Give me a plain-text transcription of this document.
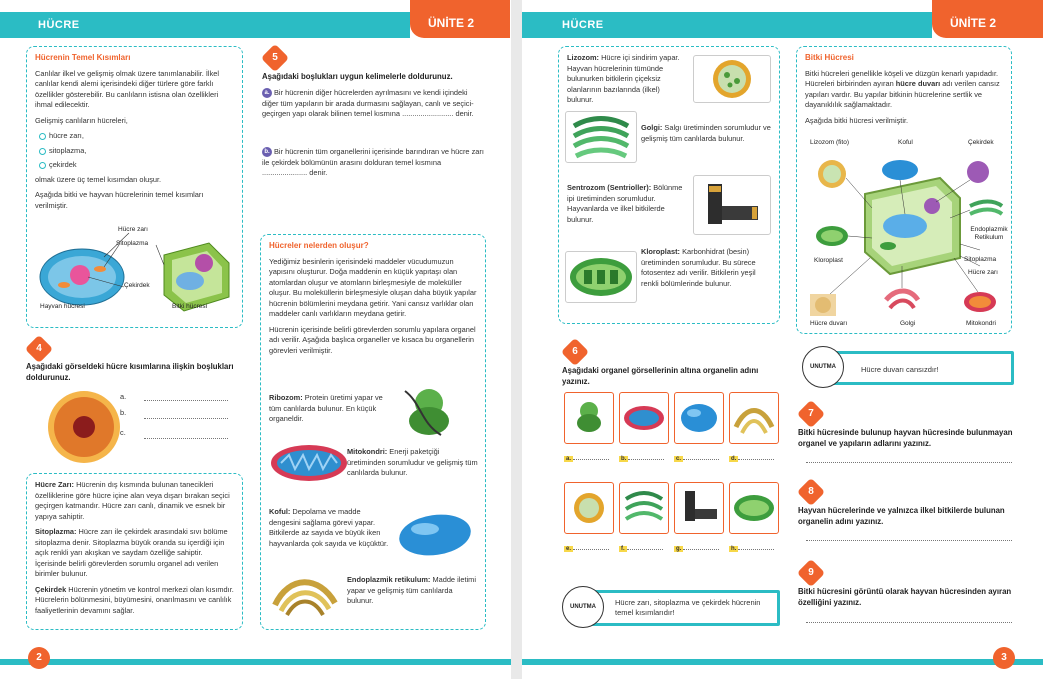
HÜCRE	ÜNİTE 2
Hücrenin Temel Kısımları

Canlılar ilkel ve gelişmiş olmak üzere tanımlanabilir. İlkel canlılar kendi alemi içerisindeki diğer türlere göre farklı özellikler gösterebilir. Bu canlıların istisna olan özellikleri ihmal edilecektir.

Gelişmiş canlıların hücreleri,

hücre zarı,
sitoplazma,
çekirdek

olmak üzere üç temel kısımdan oluşur.

Aşağıda bitki ve hayvan hücrelerinin temel kısımları verilmiştir.

Hücre zarı
Sitoplazma
Çekirdek
Hayvan hücresi	Bitki hücresi
4
Aşağıdaki görseldeki hücre kısımlarına ilişkin boşlukları doldurunuz.
a.
b.
c.

Hücre Zarı: Hücrenin dış kısmında bulunan tanecikleri özelliklerine göre hücre içine alan veya dışarı bırakan seçici geçirgen katmandır. Hücre zarı canlı, dinamik ve esnek bir yapıya sahiptir.

Sitoplazma: Hücre zarı ile çekirdek arasındaki sıvı bölüme sitoplazma denir. Sitoplazma büyük oranda su içerdiği için açık renkli yarı akışkan ve saydam özelliğe sahiptir. İçerisinde belirli görevlerden sorumlu organel adı verilen birimler bulunur.

Çekirdek Hücrenin yönetim ve kontrol merkezi olan kısımdır. Hücrelerin bölünmesini, büyümesini, onarılmasını ve canlılık faaliyetlerinin devamını sağlar.

5
Aşağıdaki boşlukları uygun kelimelerle doldurunuz.
a. Bir hücrenin diğer hücrelerden ayrılmasını ve kendi içindeki diğer tüm yapıların bir arada durmasını sağlayan, canlı ve seçici-geçirgen yapı olarak bilinen temel kısmına ......................... denir.
b. Bir hücrenin tüm organellerini içerisinde barındıran ve hücre zarı ile çekirdek bölümünün arasını dolduran temel kısmına ...................... denir.
Hücreler nelerden oluşur?

Yediğimiz besinlerin içerisindeki maddeler vücudumuzun yapısını oluşturur. Doğa maddenin en küçük yapıtaşı olan atomlardan oluşur ve atomların birleşmesiyle de moleküller oluşur. Bu moleküllerin birleşmesiyle oluşan daha büyük yapılar hücrenin bölümlerini meydana getirir. Yani cansız varlıklar olan maddeler canlı varlıkların meydana getirir.

Hücrenin içerisinde belirli görevlerden sorumlu yapılara organel adı verilir. Aşağıda başlıca organeller ve kısaca bu organellerin görevleri verilmiştir.

Ribozom: Protein üretimi yapar ve tüm canlılarda bulunur. En küçük organeldir.
Mitokondri: Enerji paketçiği üretiminden sorumludur ve gelişmiş tüm canlılarda bulunur.
Koful: Depolama ve madde dengesini sağlama görevi yapar. Bitkilerde az sayıda ve büyük iken hayvanlarda çok sayıda ve küçüktür.
Endoplazmik retikulum: Madde iletimi yapar ve gelişmiş tüm canlılarda bulunur.
2
HÜCRE	ÜNİTE 2
Lizozom: Hücre içi sindirim yapar. Hayvan hücrelerinin tümünde bulunurken bitkilerin çiçeksiz olanlarının bazılarında (ilkel) bulunur.
Golgi: Salgı üretiminden sorumludur ve gelişmiş tüm canlılarda bulunur.
Sentrozom (Sentrioller): Bölünme ipi üretiminden sorumludur. Hayvanlarda ve ilkel bitkilerde bulunur.
Kloroplast: Karbonhidrat (besin) üretiminden sorumludur. Bu sürece fotosentez adı verilir. Bitkilerin yeşil renkli bölümlerinde bulunur.
Bitki Hücresi

Bitki hücreleri genellikle köşeli ve düzgün kenarlı yapıdadır. Hücreleri birbirinden ayıran hücre duvarı adı verilen cansız yapıları vardır. Bu yapılar bitkinin hücrelerine sertlik ve dayanıklılık sağlamaktadır.

Aşağıda bitki hücresi verilmiştir.

Lizozom (fito)	Koful	Çekirdek
Endoplazmik Retikulum
Kloroplast	Sitoplazma
Hücre zarı
Hücre duvarı	Golgi	Mitokondri
Hücre duvarı cansızdır!
UNUTMA
6
Aşağıdaki organel görsellerinin altına organelin adını yazınız.
a.	b.	c.	d.
e.	f.	g.	h.
Hücre zarı, sitoplazma ve çekirdek hücrenin temel kısımlarıdır!
UNUTMA
7
Bitki hücresinde bulunup hayvan hücresinde bulunmayan organel ve yapıların adlarını yazınız.
8
Hayvan hücrelerinde ve yalnızca ilkel bitkilerde bulunan organelin adını yazınız.
9
Bitki hücresini görüntü olarak hayvan hücresinden ayıran özelliğini yazınız.
3
